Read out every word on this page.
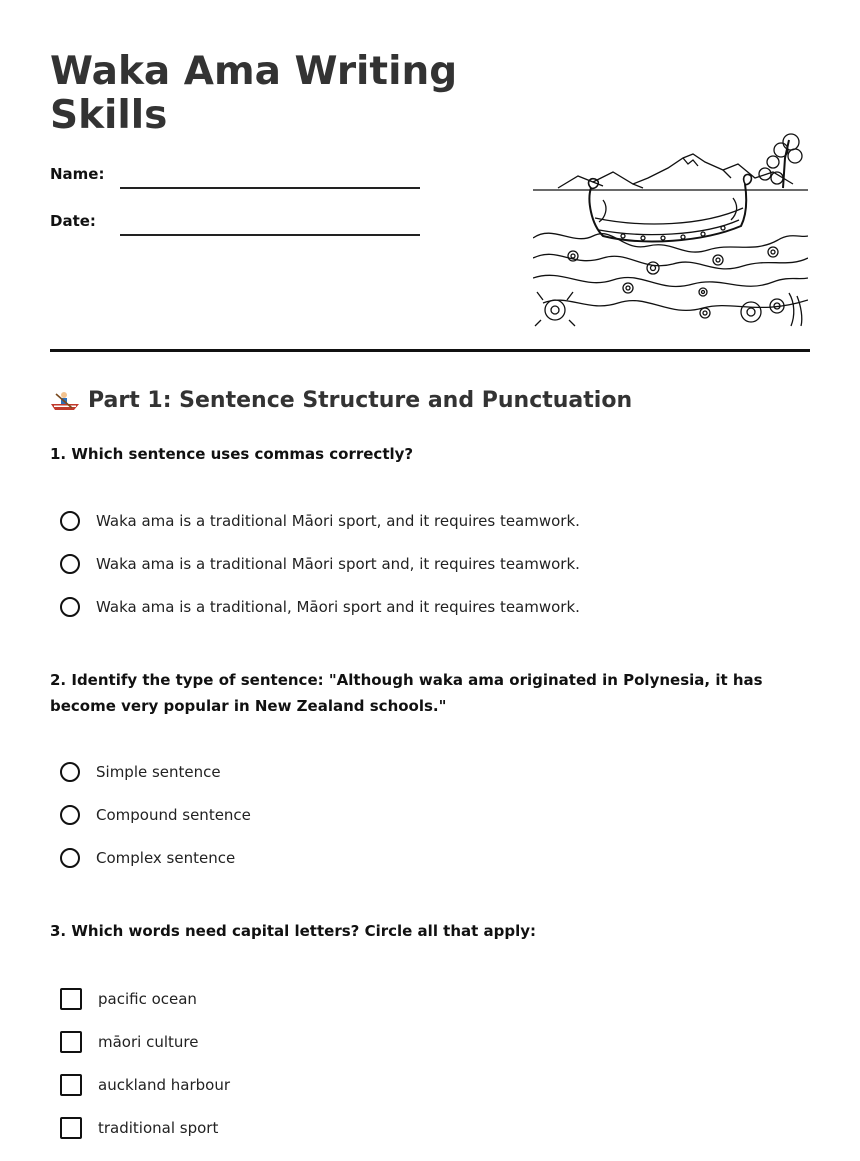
Waka Ama Writing Skills
Name:
Date:
Part 1: Sentence Structure and Punctuation
1. Which sentence uses commas correctly?
Waka ama is a traditional Māori sport, and it requires teamwork.
Waka ama is a traditional Māori sport and, it requires teamwork.
Waka ama is a traditional, Māori sport and it requires teamwork.
2. Identify the type of sentence: "Although waka ama originated in Polynesia, it has become very popular in New Zealand schools."
Simple sentence
Compound sentence
Complex sentence
3. Which words need capital letters? Circle all that apply:
pacific ocean
māori culture
auckland harbour
traditional sport
